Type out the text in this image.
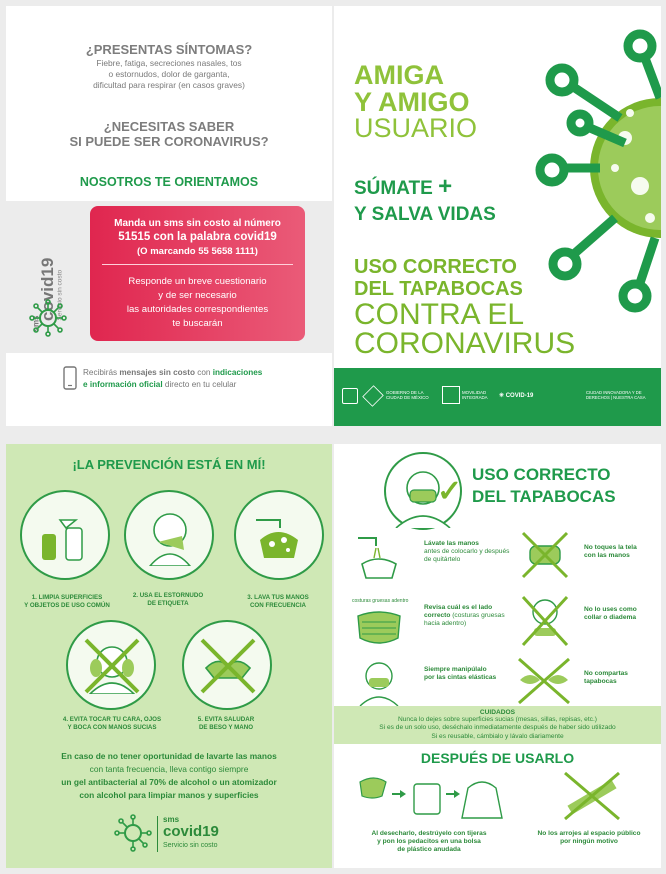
¿PRESENTAS SÍNTOMAS?
Fiebre, fatiga, secreciones nasales, tos
o estornudos, dolor de garganta,
dificultad para respirar (en casos graves)
¿NECESITAS SABER
SI PUEDE SER CORONAVIRUS?
NOSOTROS TE ORIENTAMOS
covid19 Servicio sin costo
sms
Manda un sms sin costo al número
51515 con la palabra covid19
(O marcando 55 5658 1111)
Responde un breve cuestionario
y de ser necesario
las autoridades correspondientes
te buscarán
Recibirás mensajes sin costo con indicaciones
e información oficial directo en tu celular
AMIGA
Y AMIGO
USUARIO
SÚMATE +
Y SALVA VIDAS
USO CORRECTO
DEL TAPABOCAS
CONTRA EL
CORONAVIRUS
GOBIERNO DE LA CIUDAD DE MÉXICO
MOVILIDAD INTEGRADA	✳ COVID-19
CIUDAD INNOVADORA Y DE DERECHOS | NUESTRA CASA
¡LA PREVENCIÓN ESTÁ EN MÍ!
1. LIMPIA SUPERFICIES
Y OBJETOS DE USO COMÚN
2. USA EL ESTORNUDO
DE ETIQUETA
3. LAVA TUS MANOS
CON FRECUENCIA
4. EVITA TOCAR TU CARA, OJOS
Y BOCA CON MANOS SUCIAS
5. EVITA SALUDAR
DE BESO Y MANO
En caso de no tener oportunidad de lavarte las manos
con tanta frecuencia, lleva contigo siempre
un gel antibacterial al 70% de alcohol o un atomizador
con alcohol para limpiar manos y superficies
sms
covid19
Servicio sin costo
✓
USO CORRECTO
DEL TAPABOCAS
Lávate las manos
antes de colocarlo y después de quitártelo
No toques la tela
con las manos
costuras gruesas adentro
Revisa cuál es el lado correcto (costuras gruesas hacia adentro)
No lo uses como
collar o diadema
Siempre manipúlalo
por las cintas elásticas
No compartas
tapabocas
CUIDADOS
Nunca lo dejes sobre superficies sucias (mesas, sillas, repisas, etc.)
Si es de un solo uso, deséchalo inmediatamente después de haber sido utilizado
Si es reusable, cámbialo y lávalo diariamente
DESPUÉS DE USARLO
Al desecharlo, destrúyelo con tijeras
y pon los pedacitos en una bolsa
de plástico anudada
No los arrojes al espacio público
por ningún motivo
